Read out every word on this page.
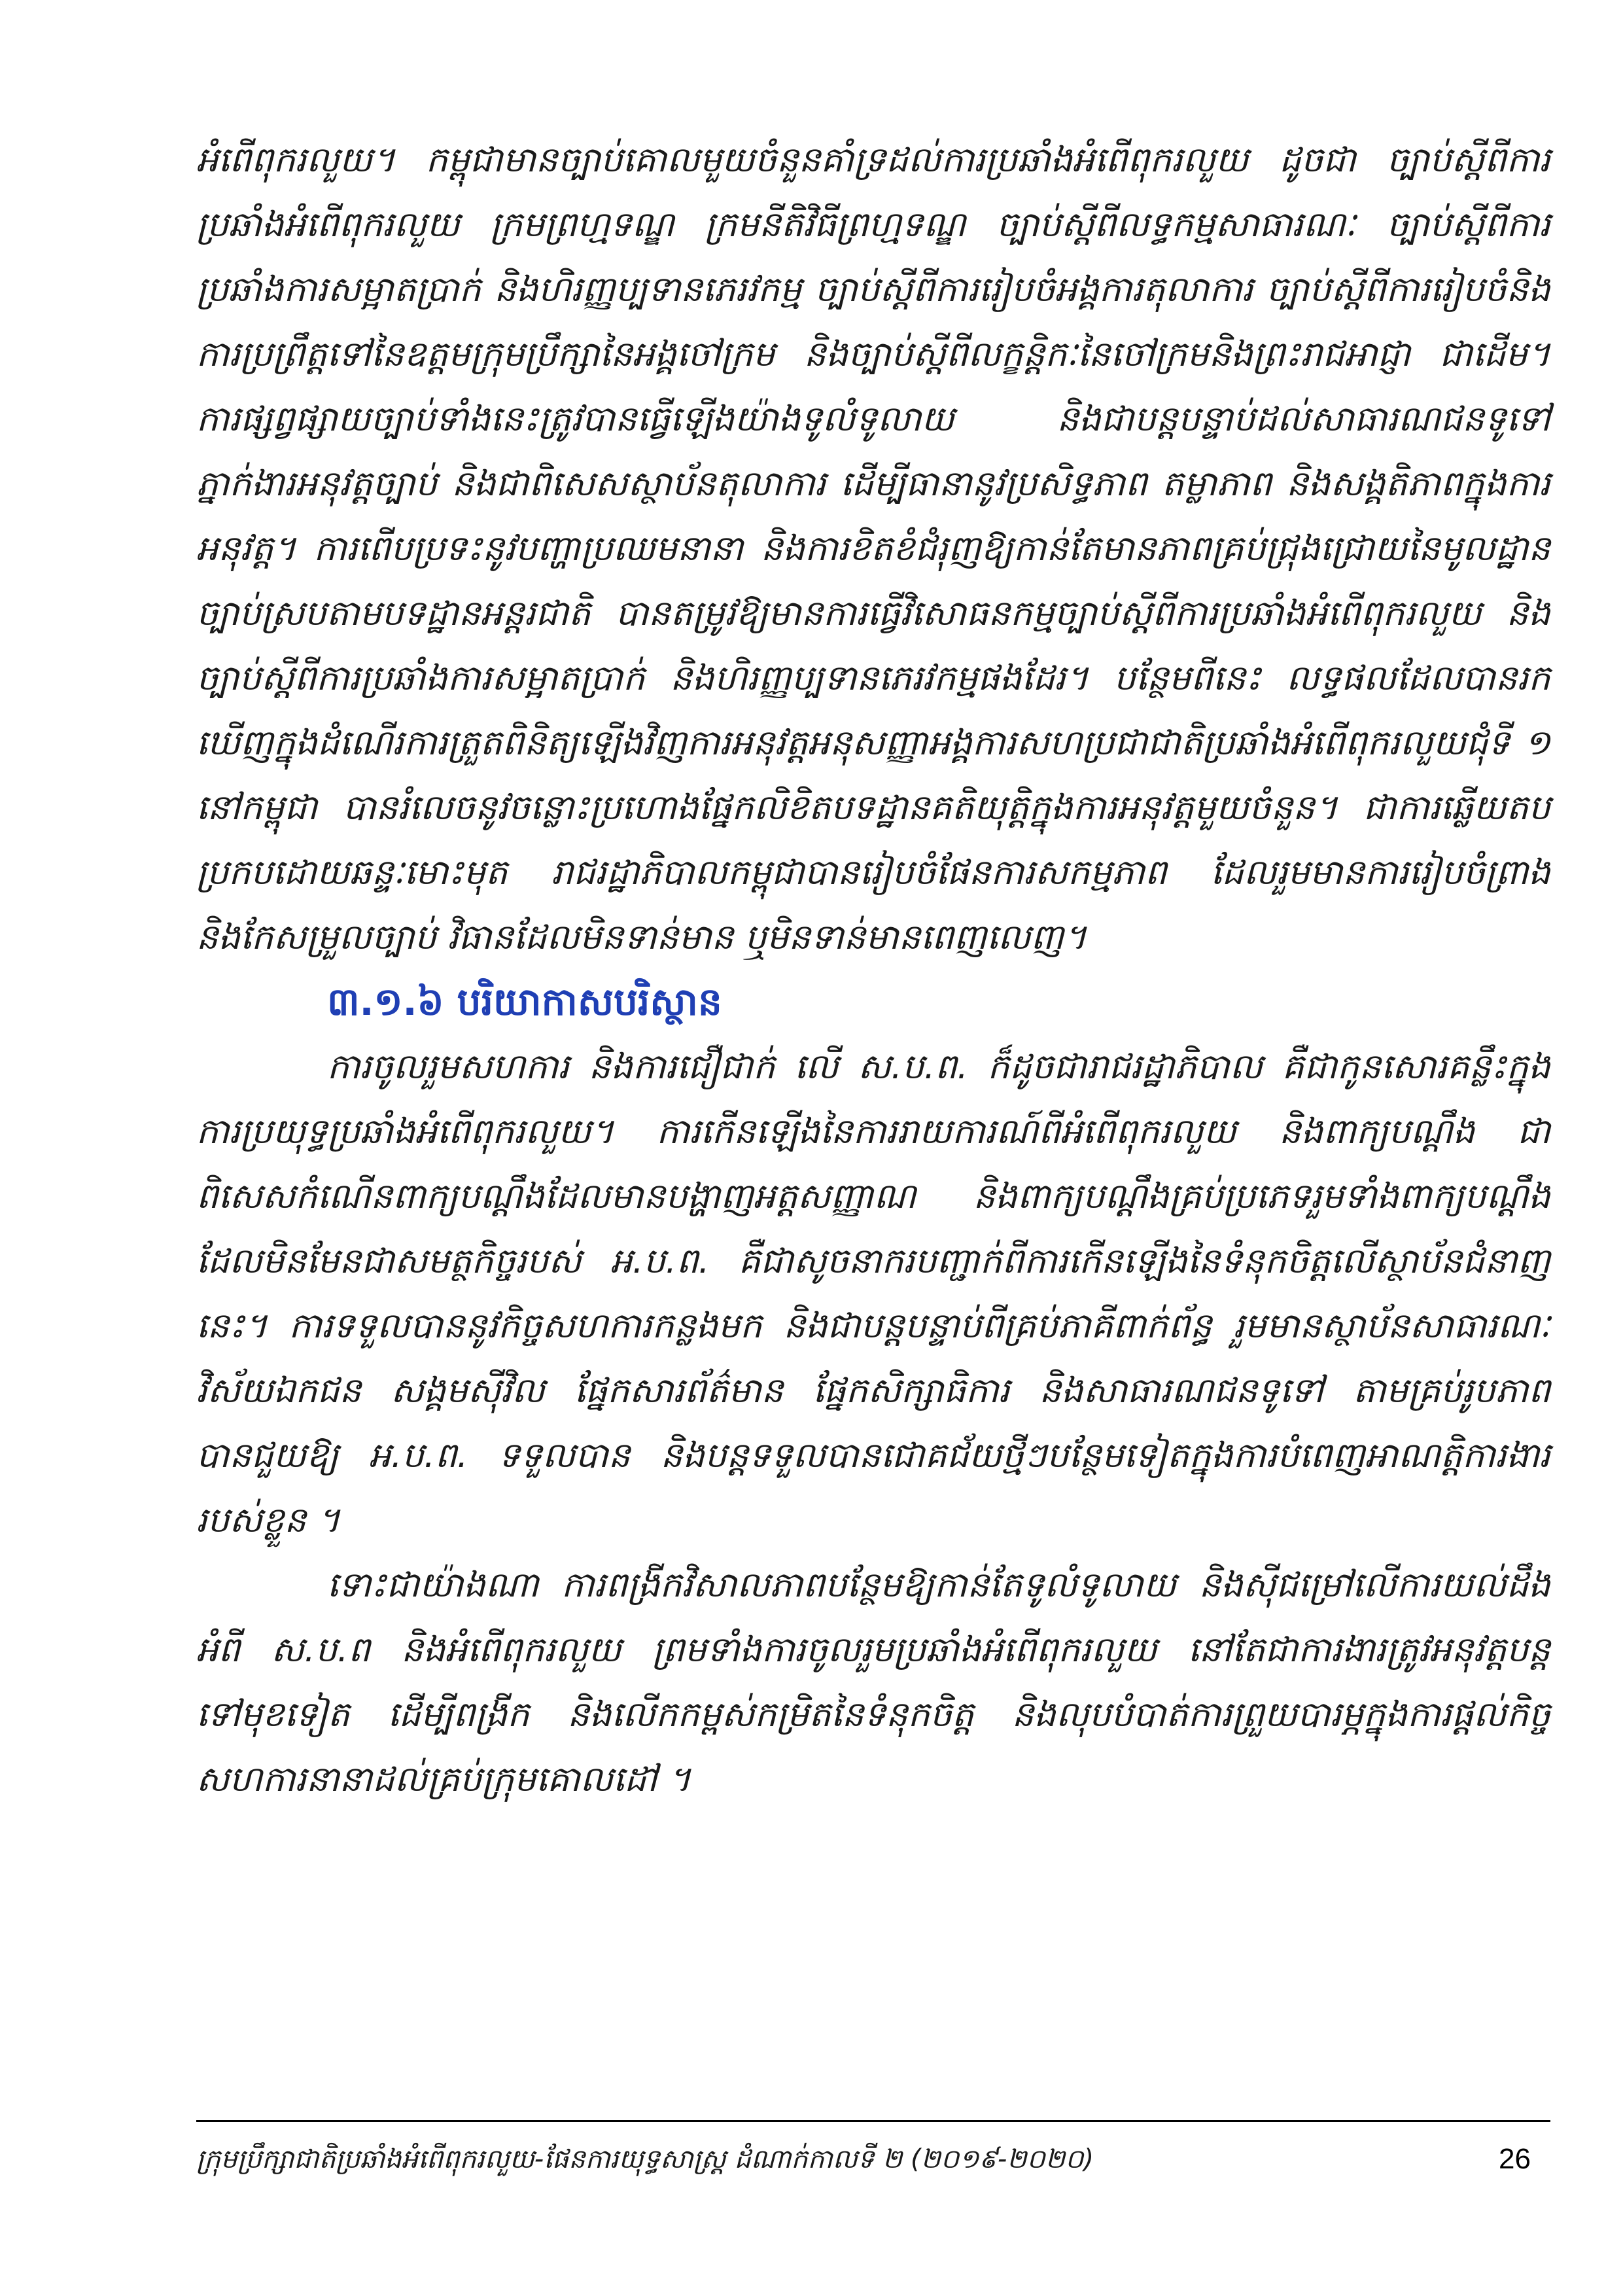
អំពើពុករលួយ។ កម្ពុជាមានច្បាប់គោលមួយចំនួនគាំទ្រដល់ការប្រឆាំងអំពើពុករលួយ ដូចជា ច្បាប់ស្តីពីការប្រឆាំងអំពើពុករលួយ ក្រមព្រហ្មទណ្ឌ ក្រមនីតិវិធីព្រហ្មទណ្ឌ ច្បាប់ស្តីពីលទ្ធកម្មសាធារណៈ ច្បាប់ស្តីពីការប្រឆាំងការសម្អាតប្រាក់ និងហិរញ្ញប្បទានភេរវកម្ម ច្បាប់ស្តីពីការរៀបចំអង្គការតុលាការ ច្បាប់ស្តីពីការរៀបចំនិងការប្រព្រឹត្តទៅនៃឧត្តមក្រុមប្រឹក្សានៃអង្គចៅក្រម និងច្បាប់ស្តីពីលក្ខន្តិកៈនៃចៅក្រមនិងព្រះរាជអាជ្ញា ជាដើម។ ការផ្សព្វផ្សាយច្បាប់ទាំងនេះត្រូវបានធ្វើឡើងយ៉ាងទូលំទូលាយ និងជាបន្តបន្ទាប់ដល់សាធារណជនទូទៅ ភ្នាក់ងារអនុវត្តច្បាប់ និងជាពិសេសស្ថាប័នតុលាការ ដើម្បីធានានូវប្រសិទ្ធភាព តម្លាភាព និងសង្គតិភាពក្នុងការអនុវត្ត។ ការពើបប្រទះនូវបញ្ហាប្រឈមនានា និងការខិតខំជំរុញឱ្យកាន់តែមានភាពគ្រប់ជ្រុងជ្រោយនៃមូលដ្ឋានច្បាប់ស្របតាមបទដ្ឋានអន្តរជាតិ បានតម្រូវឱ្យមានការធ្វើវិសោធនកម្មច្បាប់ស្តីពីការប្រឆាំងអំពើពុករលួយ និងច្បាប់ស្តីពីការប្រឆាំងការសម្អាតប្រាក់ និងហិរញ្ញប្បទានភេរវកម្មផងដែរ។ បន្ថែមពីនេះ លទ្ធផលដែលបានរកឃើញក្នុងដំណើរការត្រួតពិនិត្យឡើងវិញការអនុវត្តអនុសញ្ញាអង្គការសហប្រជាជាតិប្រឆាំងអំពើពុករលួយជុំទី ១ នៅកម្ពុជា បានរំលេចនូវចន្លោះប្រហោងផ្នែកលិខិតបទដ្ឋានគតិយុត្តិក្នុងការអនុវត្តមួយចំនួន។ ជាការឆ្លើយតបប្រកបដោយឆន្ទៈមោះមុត រាជរដ្ឋាភិបាលកម្ពុជាបានរៀបចំផែនការសកម្មភាព ដែលរួមមានការរៀបចំព្រាង និងកែសម្រួលច្បាប់ វិធានដែលមិនទាន់មាន ឬមិនទាន់មានពេញលេញ។

៣.១.៦ បរិយាកាសបរិស្ថាន

ការចូលរួមសហការ និងការជឿជាក់ លើ ស.ប.ព. ក៏ដូចជារាជរដ្ឋាភិបាល គឺជាកូនសោរគន្លឹះក្នុងការប្រយុទ្ធប្រឆាំងអំពើពុករលួយ។ ការកើនឡើងនៃការរាយការណ៍ពីអំពើពុករលួយ និងពាក្យបណ្តឹង ជាពិសេសកំណើនពាក្យបណ្តឹងដែលមានបង្ហាញអត្តសញ្ញាណ និងពាក្យបណ្តឹងគ្រប់ប្រភេទរួមទាំងពាក្យបណ្តឹងដែលមិនមែនជាសមត្ថកិច្ចរបស់ អ.ប.ព. គឺជាសូចនាករបញ្ជាក់ពីការកើនឡើងនៃទំនុកចិត្តលើស្ថាប័នជំនាញនេះ។ ការទទួលបាននូវកិច្ចសហការកន្លងមក និងជាបន្តបន្ទាប់ពីគ្រប់ភាគីពាក់ព័ន្ធ រួមមានស្ថាប័នសាធារណៈ វិស័យឯកជន សង្គមស៊ីវិល ផ្នែកសារព័ត៌មាន ផ្នែកសិក្សាធិការ និងសាធារណជនទូទៅ តាមគ្រប់រូបភាព បានជួយឱ្យ អ.ប.ព. ទទួលបាន និងបន្តទទួលបានជោគជ័យថ្មីៗបន្ថែមទៀតក្នុងការបំពេញអាណត្តិការងាររបស់ខ្លួន ។

ទោះជាយ៉ាងណា ការពង្រីកវិសាលភាពបន្ថែមឱ្យកាន់តែទូលំទូលាយ និងស៊ីជម្រៅលើការយល់ដឹងអំពី ស.ប.ព និងអំពើពុករលួយ ព្រមទាំងការចូលរួមប្រឆាំងអំពើពុករលួយ នៅតែជាការងារត្រូវអនុវត្តបន្តទៅមុខទៀត ដើម្បីពង្រីក និងលើកកម្ពស់កម្រិតនៃទំនុកចិត្ត និងលុបបំបាត់ការព្រួយបារម្ភក្នុងការផ្តល់កិច្ចសហការនានាដល់គ្រប់ក្រុមគោលដៅ ។

ក្រុមប្រឹក្សាជាតិប្រឆាំងអំពើពុករលួយ-ផែនការយុទ្ធសាស្ត្រ ដំណាក់កាលទី ២ (២០១៩-២០២០)	26
